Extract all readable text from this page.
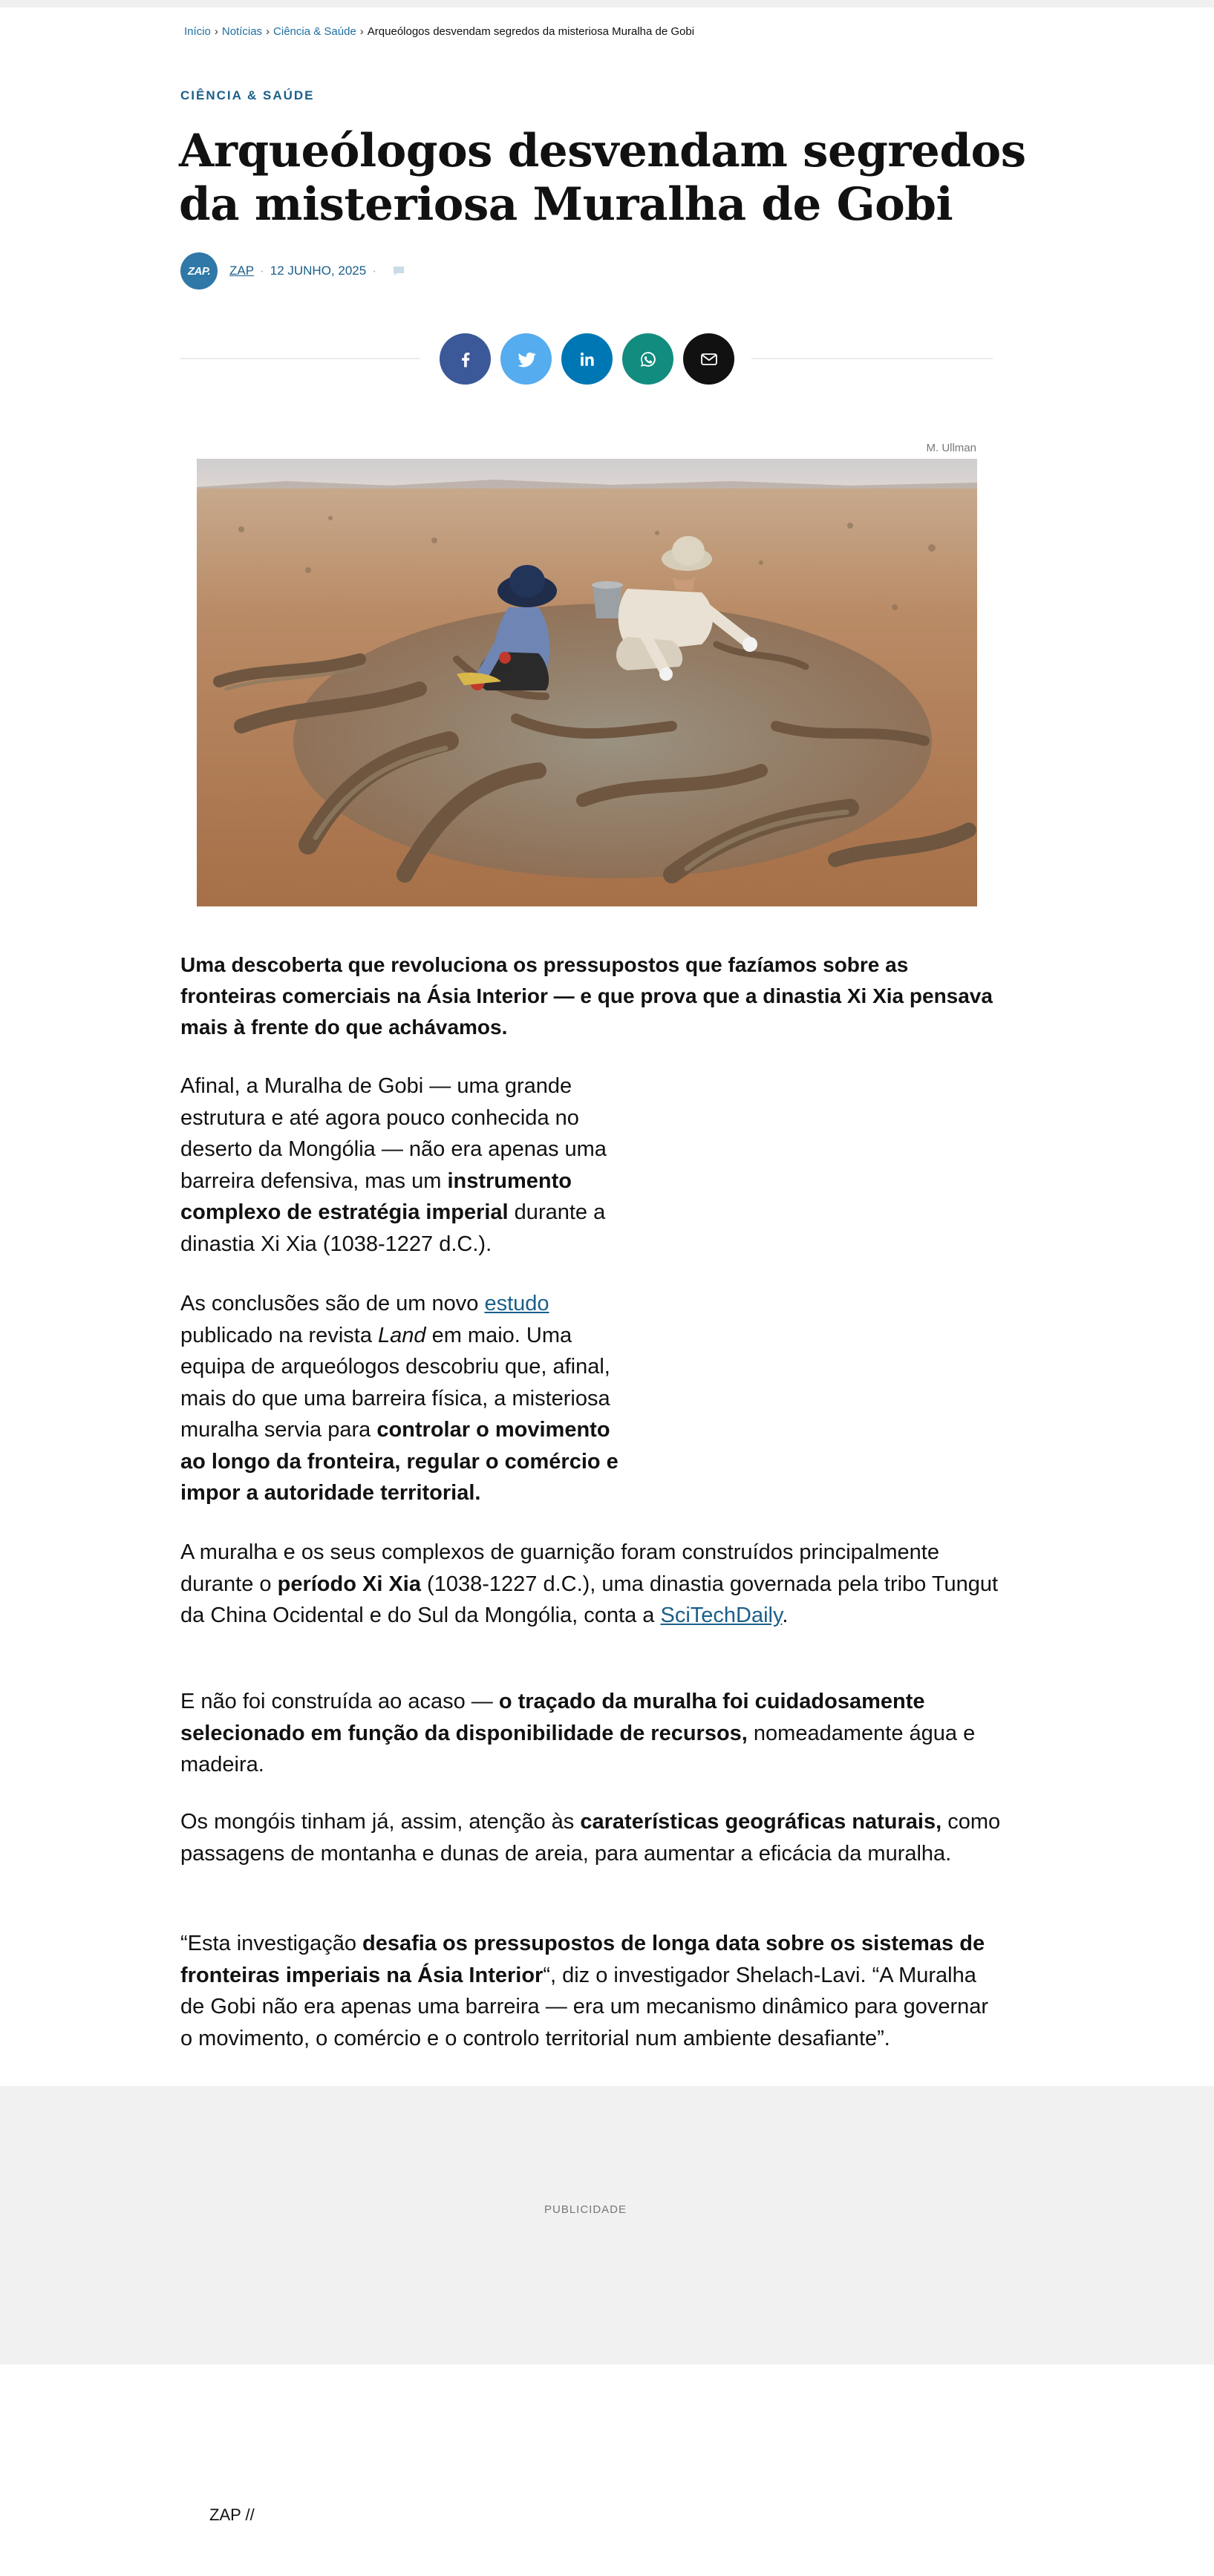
Início › Notícias › Ciência & Saúde › Arqueólogos desvendam segredos da misteriosa Muralha de Gobi
CIÊNCIA & SAÚDE
Arqueólogos desvendam segredos da misteriosa Muralha de Gobi
ZAP.	ZAP · 12 JUNHO, 2025 ·
M. Ullman

Uma descoberta que revoluciona os pressupostos que fazíamos sobre as fronteiras comerciais na Ásia Interior — e que prova que a dinastia Xi Xia pensava mais à frente do que achávamos.

Afinal, a Muralha de Gobi — uma grande estrutura e até agora pouco conhecida no deserto da Mongólia — não era apenas uma barreira defensiva, mas um instrumento complexo de estratégia imperial durante a dinastia Xi Xia (1038-1227 d.C.).

As conclusões são de um novo estudo publicado na revista Land em maio. Uma equipa de arqueólogos descobriu que, afinal, mais do que uma barreira física, a misteriosa muralha servia para controlar o movimento ao longo da fronteira, regular o comércio e impor a autoridade territorial.

A muralha e os seus complexos de guarnição foram construídos principalmente durante o período Xi Xia (1038-1227 d.C.), uma dinastia governada pela tribo Tungut da China Ocidental e do Sul da Mongólia, conta a SciTechDaily.

E não foi construída ao acaso — o traçado da muralha foi cuidadosamente selecionado em função da disponibilidade de recursos, nomeadamente água e madeira.

Os mongóis tinham já, assim, atenção às caraterísticas geográficas naturais, como passagens de montanha e dunas de areia, para aumentar a eficácia da muralha.

“Esta investigação desafia os pressupostos de longa data sobre os sistemas de fronteiras imperiais na Ásia Interior“, diz o investigador Shelach-Lavi. “A Muralha de Gobi não era apenas uma barreira — era um mecanismo dinâmico para governar o movimento, o comércio e o controlo territorial num ambiente desafiante”.

PUBLICIDADE
ZAP //
